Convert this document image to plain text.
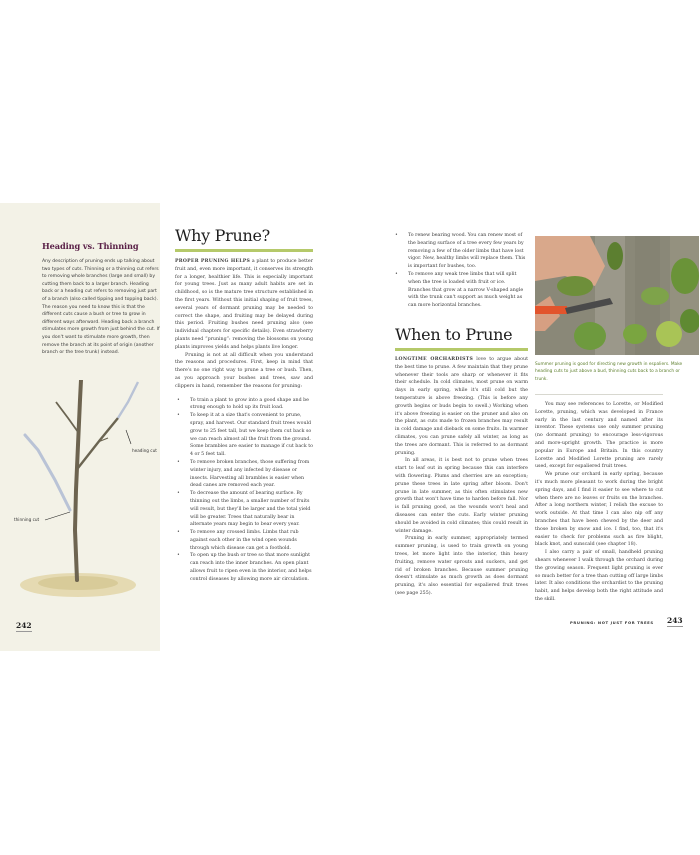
Heading vs. Thinning
Any description of pruning ends up talking about two types of cuts. Thinning or a thinning cut refers to removing whole branches (large and small) by cutting them back to a larger branch. Heading back or a heading cut refers to removing just part of a branch (also called tipping and topping back). The reason you need to know this is that the different cuts cause a bush or tree to grow in different ways afterward. Heading back a branch stimulates more growth from just behind the cut. If you don't want to stimulate more growth, then remove the branch at its point of origin (another branch or the tree trunk) instead.
heading cut
thinning cut
242
Why Prune?

PROPER PRUNING HELPS a plant to produce better fruit and, even more important, it conserves its strength for a longer, healthier life. This is especially important for young trees. Just as many adult habits are set in childhood, so is the mature tree structure established in the first years. Without this initial shaping of fruit trees, several years of dormant pruning may be needed to correct the shape, and fruiting may be delayed during this period. Fruiting bushes need pruning also (see individual chapters for specific details). Even strawberry plants need “pruning”: removing the blossoms on young plants improves yields and helps plants live longer.

Pruning is not at all difficult when you understand the reasons and procedures. First, keep in mind that there's no one right way to prune a tree or bush. Then, as you approach your bushes and trees, saw and clippers in hand, remember the reasons for pruning:

• To train a plant to grow into a good shape and be strong enough to hold up its fruit load.
• To keep it at a size that's convenient to prune, spray, and harvest. Our standard fruit trees would grow to 25 feet tall, but we keep them cut back so we can reach almost all the fruit from the ground. Some brambles are easier to manage if cut back to 4 or 5 feet tall.
• To remove broken branches, those suffering from winter injury, and any infected by disease or insects. Harvesting all brambles is easier when dead canes are removed each year.
• To decrease the amount of bearing surface. By thinning out the limbs, a smaller number of fruits will result, but they'll be larger and the total yield will be greater. Trees that naturally bear in alternate years may begin to bear every year.
• To remove any crossed limbs. Limbs that rub against each other in the wind open wounds through which disease can get a foothold.
• To open up the bush or tree so that more sunlight can reach into the inner branches. An open plant allows fruit to ripen even in the interior, and helps control diseases by allowing more air circulation.
• To renew bearing wood. You can renew most of the bearing surface of a tree every few years by removing a few of the older limbs that have lost vigor. New, healthy limbs will replace them. This is important for bushes, too.
• To remove any weak tree limbs that will split when the tree is loaded with fruit or ice. Branches that grow at a narrow V-shaped angle with the trunk can't support as much weight as can more horizontal branches.
When to Prune

LONGTIME ORCHARDISTS love to argue about the best time to prune. A few maintain that they prune whenever their tools are sharp or whenever it fits their schedule. In cold climates, most prune on warm days in early spring, while it's still cold but the temperature is above freezing. (This is before any growth begins or buds begin to swell.) Working when it's above freezing is easier on the pruner and also on the plant, as cuts made to frozen branches may result in cold damage and dieback on some fruits. In warmer climates, you can prune safely all winter, as long as the trees are dormant. This is referred to as dormant pruning.

In all areas, it is best not to prune when trees start to leaf out in spring because this can interfere with flowering. Plums and cherries are an exception; prune these trees in late spring after bloom. Don't prune in late summer, as this often stimulates new growth that won't have time to harden before fall. Nor is fall pruning good, as the wounds won't heal and diseases can enter the cuts. Early winter pruning should be avoided in cold climates; this could result in winter damage.

Pruning in early summer, appropriately termed summer pruning, is used to train growth on young trees, let more light into the interior, thin heavy fruiting, remove water sprouts and suckers, and get rid of broken branches. Because summer pruning doesn't stimulate as much growth as does dormant pruning, it's also essential for espaliered fruit trees (see page 255).

Summer pruning is good for directing new growth in espaliers. Make heading cuts to just above a bud, thinning cuts back to a branch or trunk.

You may see references to Lorette, or Modified Lorette, pruning, which was developed in France early in the last century and named after its inventor. These systems use only summer pruning (no dormant pruning) to encourage less-vigorous and more-upright growth. The practice is more popular in Europe and Britain. In this country Lorette and Modified Lorette pruning are rarely used, except for espaliered fruit trees.

We prune our orchard in early spring, because it's much more pleasant to work during the bright spring days, and I find it easier to see where to cut when there are no leaves or fruits on the branches. After a long northern winter, I relish the excuse to work outside. At that time I can also nip off any branches that have been chewed by the deer and those broken by snow and ice. I find, too, that it's easier to check for problems such as fire blight, black knot, and sunscald (see chapter 18).

I also carry a pair of small, handheld pruning shears whenever I walk through the orchard during the growing season. Frequent light pruning is ever so much better for a tree than cutting off large limbs later. It also conditions the orchardist to the pruning habit, and helps develop both the right attitude and the skill.

PRUNING: NOT JUST FOR TREES 243
